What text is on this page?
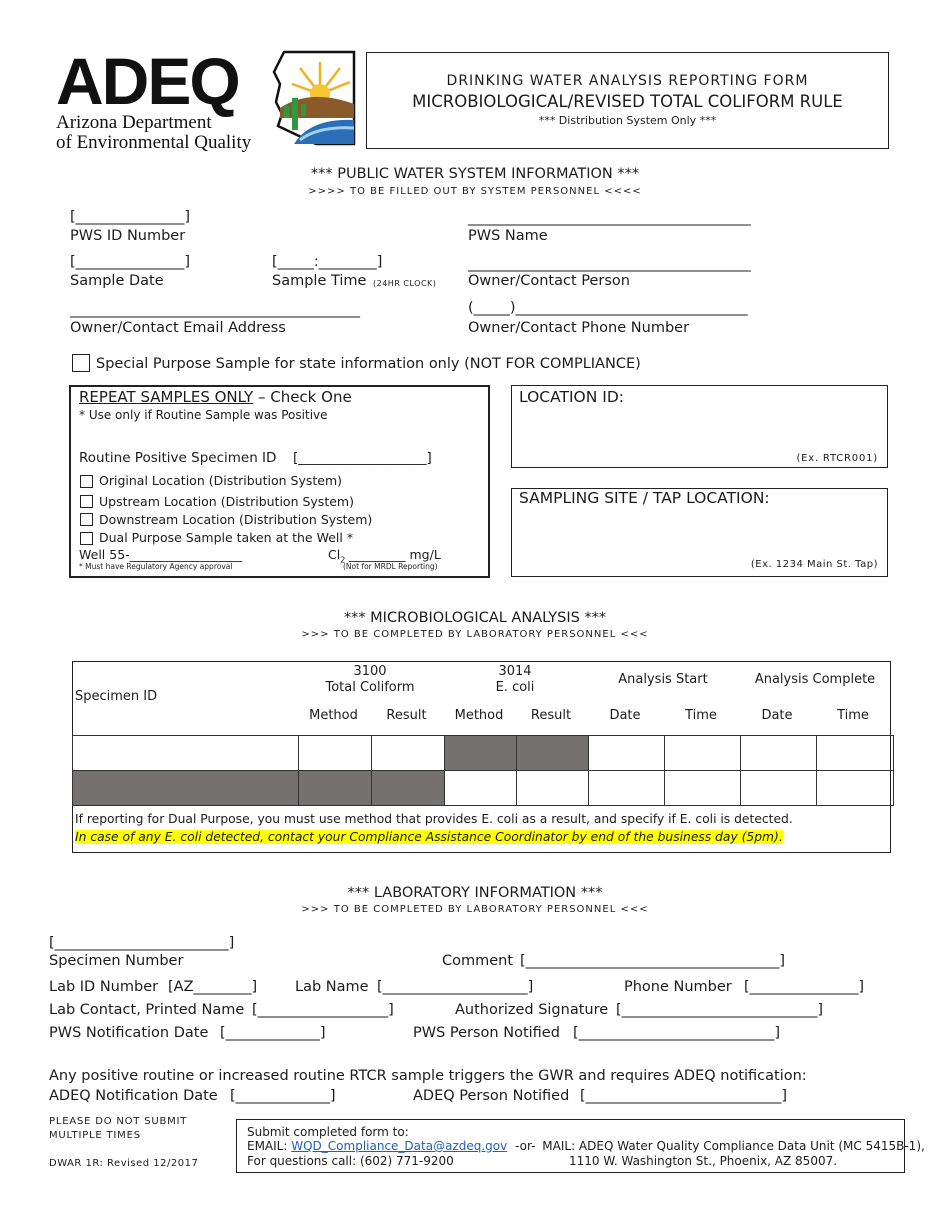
ADEQ
Arizona Department
of Environmental Quality
DRINKING WATER ANALYSIS REPORTING FORM
MICROBIOLOGICAL/REVISED TOTAL COLIFORM RULE
*** Distribution System Only ***
*** PUBLIC WATER SYSTEM INFORMATION ***
>>>> TO BE FILLED OUT BY SYSTEM PERSONNEL <<<<
[_______________]
PWS ID Number
_______________________________________
PWS Name
[_______________]
Sample Date
[_____:________]
Sample Time (24HR CLOCK)
_______________________________________
Owner/Contact Person
________________________________________
Owner/Contact Email Address
(_____)________________________________
Owner/Contact Phone Number
Special Purpose Sample for state information only (NOT FOR COMPLIANCE)
REPEAT SAMPLES ONLY – Check One
* Use only if Routine Sample was Positive
Routine Positive Specimen ID [___________________]
Original Location (Distribution System)
Upstream Location (Distribution System)
Downstream Location (Distribution System)
Dual Purpose Sample taken at the Well *
Well 55-__________________	$Cl_2$ _________ mg/L
* Must have Regulatory Agency approval	(Not for MRDL Reporting)
LOCATION ID:
(Ex. RTCR001)
SAMPLING SITE / TAP LOCATION:
(Ex. 1234 Main St. Tap)
*** MICROBIOLOGICAL ANALYSIS ***
>>> TO BE COMPLETED BY LABORATORY PERSONNEL <<<
Specimen ID
3100
Total Coliform
3014
E. coli
Analysis Start	Analysis Complete
Method	Result	Method	Result	Date	Time	Date	Time
If reporting for Dual Purpose, you must use method that provides E. coli as a result, and specify if E. coli is detected.
In case of any E. coli detected, contact your Compliance Assistance Coordinator by end of the business day (5pm).

*** LABORATORY INFORMATION ***
>>> TO BE COMPLETED BY LABORATORY PERSONNEL <<<
[________________________]
Specimen Number	Comment [___________________________________]
Lab ID Number [AZ________]	Lab Name [____________________]	Phone Number [_______________]
Lab Contact, Printed Name [__________________]	Authorized Signature [___________________________]
PWS Notification Date [_____________]	PWS Person Notified [___________________________]
Any positive routine or increased routine RTCR sample triggers the GWR and requires ADEQ notification:
ADEQ Notification Date [_____________]	ADEQ Person Notified [___________________________]
PLEASE DO NOT SUBMIT
MULTIPLE TIMES
DWAR 1R: Revised 12/2017
Submit completed form to:
EMAIL: WQD_Compliance_Data@azdeq.gov -or- MAIL: ADEQ Water Quality Compliance Data Unit (MC 5415B-1),
For questions call: (602) 771-9200	1110 W. Washington St., Phoenix, AZ 85007.
